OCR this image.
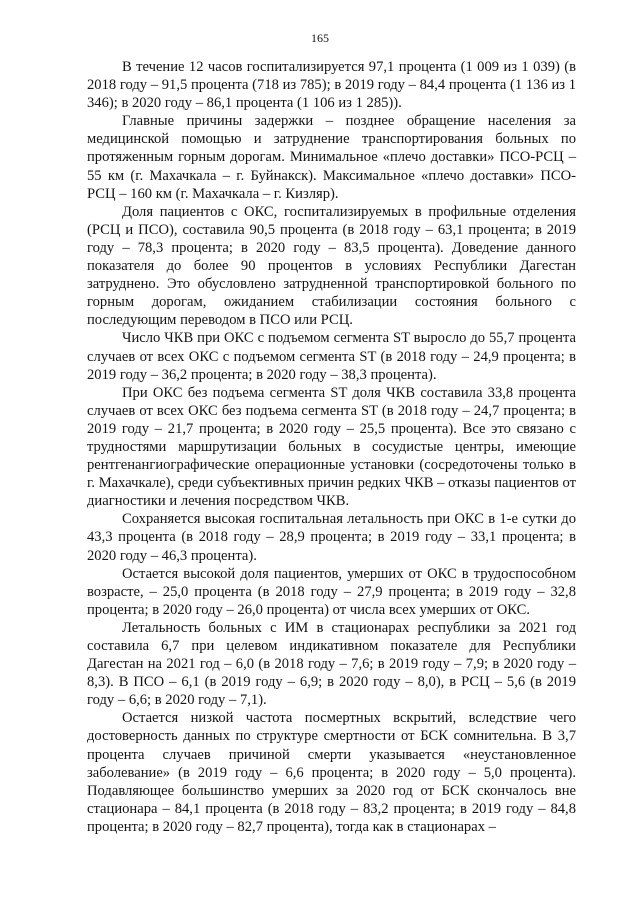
165

В течение 12 часов госпитализируется 97,1 процента (1 009 из 1 039) (в 2018 году – 91,5 процента (718 из 785); в 2019 году – 84,4 процента (1 136 из 1 346); в 2020 году – 86,1 процента (1 106 из 1 285)).

Главные причины задержки – позднее обращение населения за медицинской помощью и затруднение транспортирования больных по протяженным горным дорогам. Минимальное «плечо доставки» ПСО-РСЦ – 55 км (г. Махачкала – г. Буйнакск). Максимальное «плечо доставки» ПСО-РСЦ – 160 км (г. Махачкала – г. Кизляр).

Доля пациентов с ОКС, госпитализируемых в профильные отделения (РСЦ и ПСО), составила 90,5 процента (в 2018 году – 63,1 процента; в 2019 году – 78,3 процента; в 2020 году – 83,5 процента). Доведение данного показателя до более 90 процентов в условиях Республики Дагестан затруднено. Это обусловлено затрудненной транспортировкой больного по горным дорогам, ожиданием стабилизации состояния больного с последующим переводом в ПСО или РСЦ.

Число ЧКВ при ОКС с подъемом сегмента ST выросло до 55,7 процента случаев от всех ОКС с подъемом сегмента ST (в 2018 году – 24,9 процента; в 2019 году – 36,2 процента; в 2020 году – 38,3 процента).

При ОКС без подъема сегмента ST доля ЧКВ составила 33,8 процента случаев от всех ОКС без подъема сегмента ST (в 2018 году – 24,7 процента; в 2019 году – 21,7 процента; в 2020 году – 25,5 процента). Все это связано с трудностями маршрутизации больных в сосудистые центры, имеющие рентгенангиографические операционные установки (сосредоточены только в г. Махачкале), среди субъективных причин редких ЧКВ – отказы пациентов от диагностики и лечения посредством ЧКВ.

Сохраняется высокая госпитальная летальность при ОКС в 1-е сутки до 43,3 процента (в 2018 году – 28,9 процента; в 2019 году – 33,1 процента; в 2020 году – 46,3 процента).

Остается высокой доля пациентов, умерших от ОКС в трудоспособном возрасте, – 25,0 процента (в 2018 году – 27,9 процента; в 2019 году – 32,8 процента; в 2020 году – 26,0 процента) от числа всех умерших от ОКС.

Летальность больных с ИМ в стационарах республики за 2021 год составила 6,7 при целевом индикативном показателе для Республики Дагестан на 2021 год – 6,0 (в 2018 году – 7,6; в 2019 году – 7,9; в 2020 году – 8,3). В ПСО – 6,1 (в 2019 году – 6,9; в 2020 году – 8,0), в РСЦ – 5,6 (в 2019 году – 6,6; в 2020 году – 7,1).

Остается низкой частота посмертных вскрытий, вследствие чего достоверность данных по структуре смертности от БСК сомнительна. В 3,7 процента случаев причиной смерти указывается «неустановленное заболевание» (в 2019 году – 6,6 процента; в 2020 году – 5,0 процента). Подавляющее большинство умерших за 2020 год от БСК скончалось вне стационара – 84,1 процента (в 2018 году – 83,2 процента; в 2019 году – 84,8 процента; в 2020 году – 82,7 процента), тогда как в стационарах –
